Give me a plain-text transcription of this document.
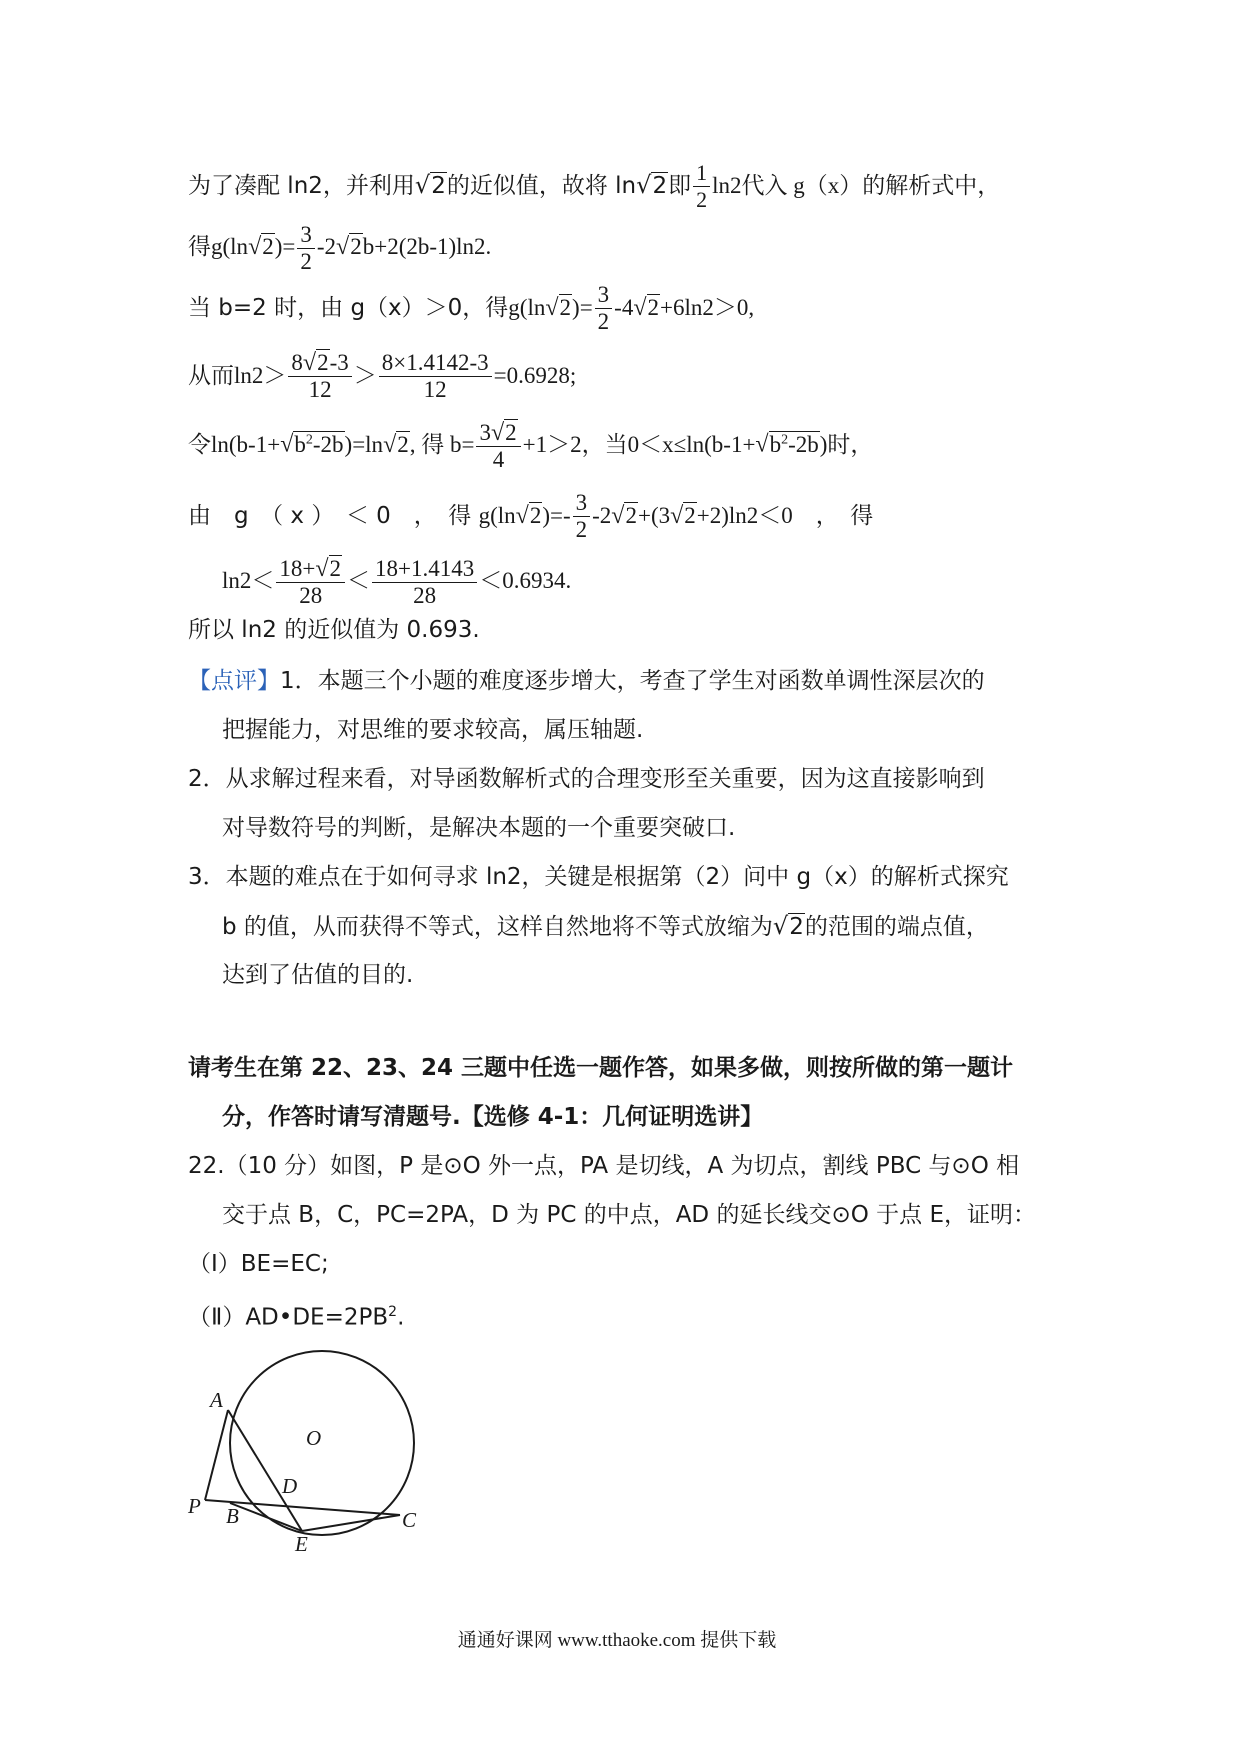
为了凑配 ln2，并利用√2的近似值，故将 ln√2即 $\frac{1}{2} \ln 2$代入 g（x）的解析式中，
得$g(\ln√2)= \frac{3}{2} -2√2b+2(2b-1)\ln 2$.
当 b=2 时，由 g（x）＞0，得$g(\ln√2)= \frac{3}{2} -4√2+6\ln 2>0$,
从而$\ln 2> \frac{8√2-3}{12} > \frac{8\times 1.4142-3}{12} =0.6928$;
令$\ln(b-1+√b^2-2b)=\ln√2$, 得 $b= \frac{3√2}{4} +1>2$，当$0<x\le\ln(b-1+√b^2-2b)$时，
由　g　（ x ）　＜ 0　，　得 $g(\ln√2)=- \frac{3}{2} -2√2+(3√2+2)\ln 2<0$　，　得
$\ln 2< \frac{18+√2}{28} < \frac{18+1.4143}{28} <0.6934$.
所以 ln2 的近似值为 0.693.
【点评】1．本题三个小题的难度逐步增大，考查了学生对函数单调性深层次的
把握能力，对思维的要求较高，属压轴题.
2．从求解过程来看，对导函数解析式的合理变形至关重要，因为这直接影响到
对导数符号的判断，是解决本题的一个重要突破口.
3．本题的难点在于如何寻求 ln2，关键是根据第（2）问中 g（x）的解析式探究
b 的值，从而获得不等式，这样自然地将不等式放缩为√2的范围的端点值，
达到了估值的目的.
请考生在第 22、23、24 三题中任选一题作答，如果多做，则按所做的第一题计
分，作答时请写清题号.【选修 4-1：几何证明选讲】
22.（10 分）如图，P 是⊙O 外一点，PA 是切线，A 为切点，割线 PBC 与⊙O 相
交于点 B，C，PC=2PA，D 为 PC 的中点，AD 的延长线交⊙O 于点 E，证明：
（Ⅰ）BE=EC;
$(Ⅱ)AD•DE=2PB^2$.
A
O
D
P B	C
E
通通好课网 www.tthaoke.com 提供下载
